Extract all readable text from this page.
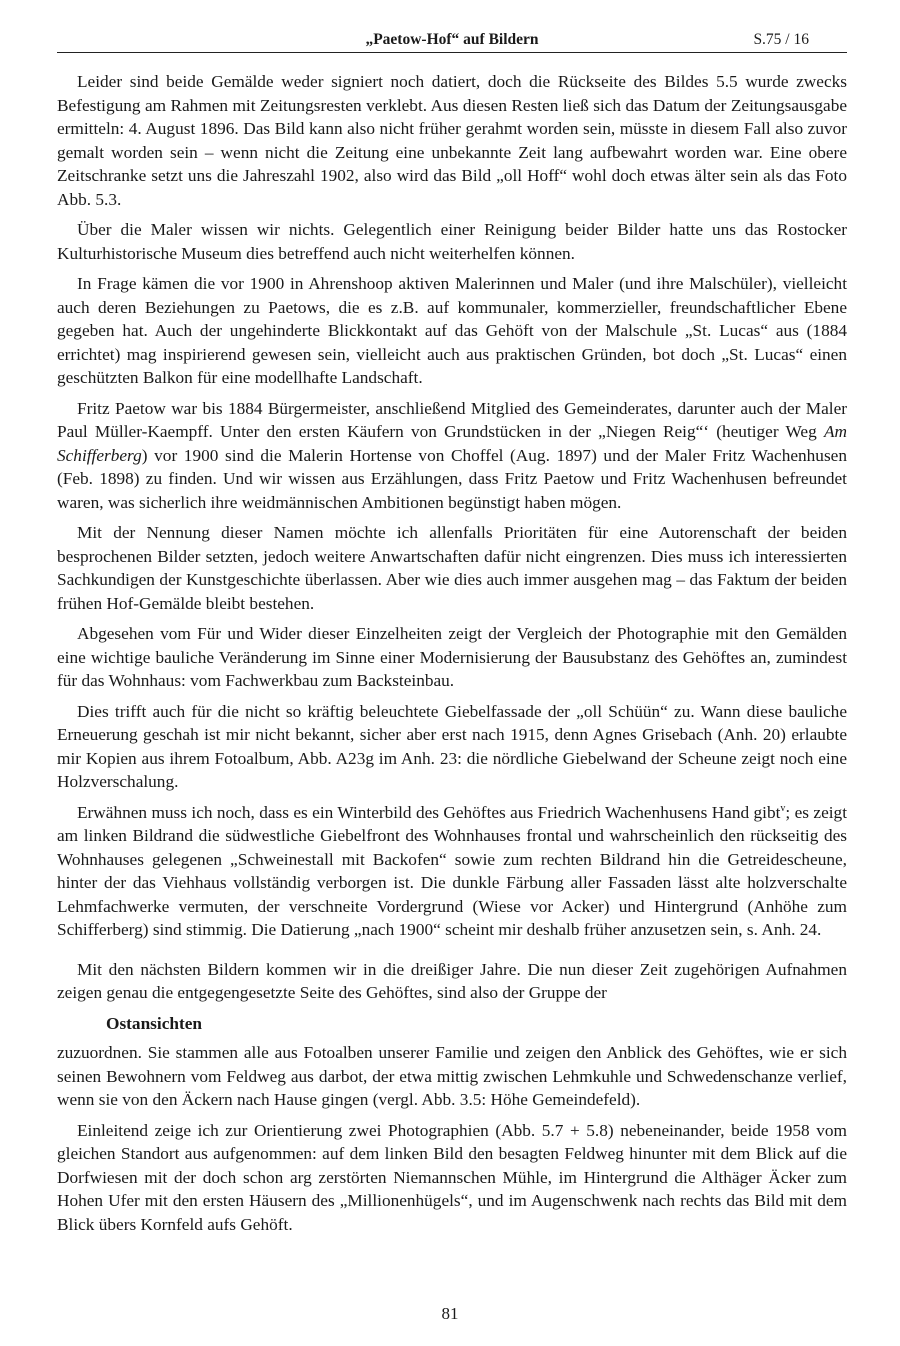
„Paetow-Hof“ auf Bildern	S.75 / 16

Leider sind beide Gemälde weder signiert noch datiert, doch die Rückseite des Bildes 5.5 wurde zwecks Befestigung am Rahmen mit Zeitungsresten verklebt. Aus diesen Resten ließ sich das Datum der Zeitungsausgabe ermitteln: 4. August 1896. Das Bild kann also nicht früher gerahmt worden sein, müsste in diesem Fall also zuvor gemalt worden sein – wenn nicht die Zeitung eine unbekannte Zeit lang aufbewahrt worden war. Eine obere Zeitschranke setzt uns die Jahreszahl 1902, also wird das Bild „oll Hoff“ wohl doch etwas älter sein als das Foto Abb. 5.3.

Über die Maler wissen wir nichts. Gelegentlich einer Reinigung beider Bilder hatte uns das Rostocker Kulturhistorische Museum dies betreffend auch nicht weiterhelfen können.

In Frage kämen die vor 1900 in Ahrenshoop aktiven Malerinnen und Maler (und ihre Malschüler), vielleicht auch deren Beziehungen zu Paetows, die es z.B. auf kommunaler, kommerzieller, freundschaftlicher Ebene gegeben hat. Auch der ungehinderte Blickkontakt auf das Gehöft von der Malschule „St. Lucas“ aus (1884 errichtet) mag inspirierend gewesen sein, vielleicht auch aus praktischen Gründen, bot doch „St. Lucas“ einen geschützten Balkon für eine modellhafte Landschaft.

Fritz Paetow war bis 1884 Bürgermeister, anschließend Mitglied des Gemeinderates, darunter auch der Maler Paul Müller-Kaempff. Unter den ersten Käufern von Grundstücken in der „Niegen Reig“‘ (heutiger Weg Am Schifferberg) vor 1900 sind die Malerin Hortense von Choffel (Aug. 1897) und der Maler Fritz Wachenhusen (Feb. 1898) zu finden. Und wir wissen aus Erzählungen, dass Fritz Paetow und Fritz Wachenhusen befreundet waren, was sicherlich ihre weidmännischen Ambitionen begünstigt haben mögen.

Mit der Nennung dieser Namen möchte ich allenfalls Prioritäten für eine Autorenschaft der beiden besprochenen Bilder setzten, jedoch weitere Anwartschaften dafür nicht eingrenzen. Dies muss ich interessierten Sachkundigen der Kunstgeschichte überlassen. Aber wie dies auch immer ausgehen mag – das Faktum der beiden frühen Hof-Gemälde bleibt bestehen.

Abgesehen vom Für und Wider dieser Einzelheiten zeigt der Vergleich der Photographie mit den Gemälden eine wichtige bauliche Veränderung im Sinne einer Modernisierung der Bausubstanz des Gehöftes an, zumindest für das Wohnhaus: vom Fachwerkbau zum Backsteinbau.

Dies trifft auch für die nicht so kräftig beleuchtete Giebelfassade der „oll Schüün“ zu. Wann diese bauliche Erneuerung geschah ist mir nicht bekannt, sicher aber erst nach 1915, denn Agnes Grisebach (Anh. 20) erlaubte mir Kopien aus ihrem Fotoalbum, Abb. A23g im Anh. 23: die nördliche Giebelwand der Scheune zeigt noch eine Holzverschalung.

Erwähnen muss ich noch, dass es ein Winterbild des Gehöftes aus Friedrich Wachenhusens Hand gibt$^v$; es zeigt am linken Bildrand die südwestliche Giebelfront des Wohnhauses frontal und wahrscheinlich den rückseitig des Wohnhauses gelegenen „Schweinestall mit Backofen“ sowie zum rechten Bildrand hin die Getreidescheune, hinter der das Viehhaus vollständig verborgen ist. Die dunkle Färbung aller Fassaden lässt alte holzverschalte Lehmfachwerke vermuten, der verschneite Vordergrund (Wiese vor Acker) und Hintergrund (Anhöhe zum Schifferberg) sind stimmig. Die Datierung „nach 1900“ scheint mir deshalb früher anzusetzen sein, s. Anh. 24.

Mit den nächsten Bildern kommen wir in die dreißiger Jahre. Die nun dieser Zeit zugehörigen Aufnahmen zeigen genau die entgegengesetzte Seite des Gehöftes, sind also der Gruppe der

Ostansichten

zuzuordnen. Sie stammen alle aus Fotoalben unserer Familie und zeigen den Anblick des Gehöftes, wie er sich seinen Bewohnern vom Feldweg aus darbot, der etwa mittig zwischen Lehmkuhle und Schwedenschanze verlief, wenn sie von den Äckern nach Hause gingen (vergl. Abb. 3.5: Höhe Gemeindefeld).

Einleitend zeige ich zur Orientierung zwei Photographien (Abb. 5.7 + 5.8) nebeneinander, beide 1958 vom gleichen Standort aus aufgenommen: auf dem linken Bild den besagten Feldweg hinunter mit dem Blick auf die Dorfwiesen mit der doch schon arg zerstörten Niemannschen Mühle, im Hintergrund die Althäger Äcker zum Hohen Ufer mit den ersten Häusern des „Millionenhügels“, und im Augenschwenk nach rechts das Bild mit dem Blick übers Kornfeld aufs Gehöft.

81
